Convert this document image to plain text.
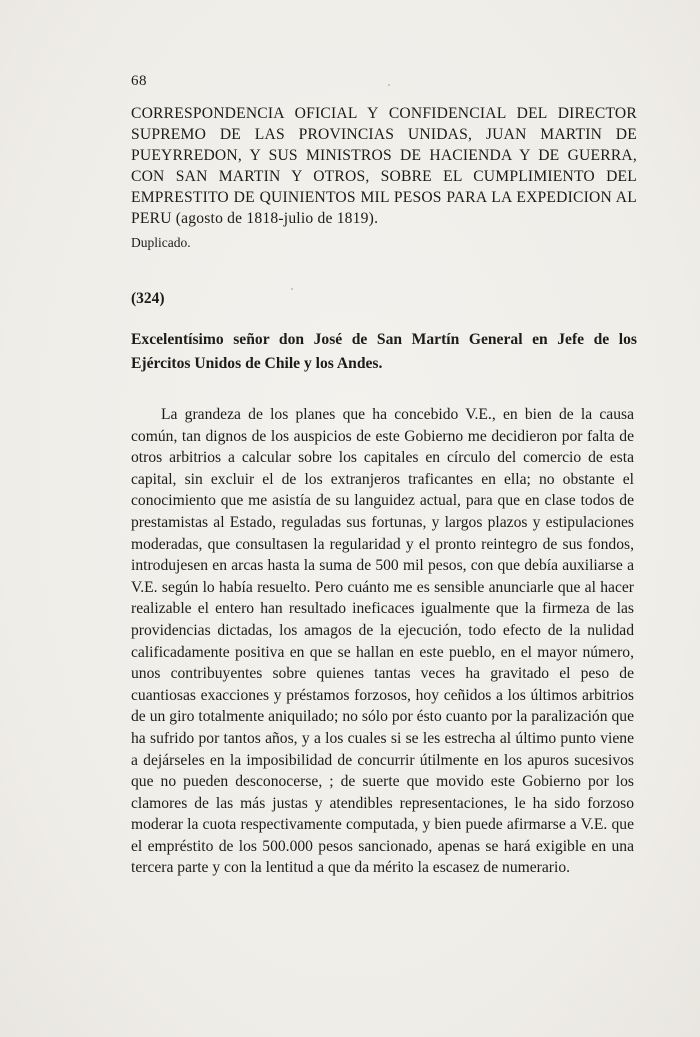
68
CORRESPONDENCIA OFICIAL Y CONFIDENCIAL DEL DIRECTOR SUPREMO DE LAS PROVINCIAS UNIDAS, JUAN MARTIN DE PUEYRREDON, Y SUS MINISTROS DE HACIENDA Y DE GUERRA, CON SAN MARTIN Y OTROS, SOBRE EL CUMPLIMIENTO DEL EMPRESTITO DE QUINIENTOS MIL PESOS PARA LA EXPEDICION AL PERU (agosto de 1818-julio de 1819).
Duplicado.
(324)
Excelentísimo señor don José de San Martín General en Jefe de los Ejércitos Unidos de Chile y los Andes.

La grandeza de los planes que ha concebido V.E., en bien de la causa común, tan dignos de los auspicios de este Gobierno me decidieron por falta de otros arbitrios a calcular sobre los capitales en círculo del comercio de esta capital, sin excluir el de los extranjeros traficantes en ella; no obstante el conocimiento que me asistía de su languidez actual, para que en clase todos de prestamistas al Estado, reguladas sus fortunas, y largos plazos y estipulaciones moderadas, que consultasen la regularidad y el pronto reintegro de sus fondos, introdujesen en arcas hasta la suma de 500 mil pesos, con que debía auxiliarse a V.E. según lo había resuelto. Pero cuánto me es sensible anunciarle que al hacer realizable el entero han resultado ineficaces igualmente que la firmeza de las providencias dictadas, los amagos de la ejecución, todo efecto de la nulidad calificadamente positiva en que se hallan en este pueblo, en el mayor número, unos contribuyentes sobre quienes tantas veces ha gravitado el peso de cuantiosas exacciones y préstamos forzosos, hoy ceñidos a los últimos arbitrios de un giro totalmente aniquilado; no sólo por ésto cuanto por la paralización que ha sufrido por tantos años, y a los cuales si se les estrecha al último punto viene a dejárseles en la imposibilidad de concurrir útilmente en los apuros sucesivos que no pueden desconocerse, ; de suerte que movido este Gobierno por los clamores de las más justas y atendibles representaciones, le ha sido forzoso moderar la cuota respectivamente computada, y bien puede afirmarse a V.E. que el empréstito de los 500.000 pesos sancionado, apenas se hará exigible en una tercera parte y con la lentitud a que da mérito la escasez de numerario.
